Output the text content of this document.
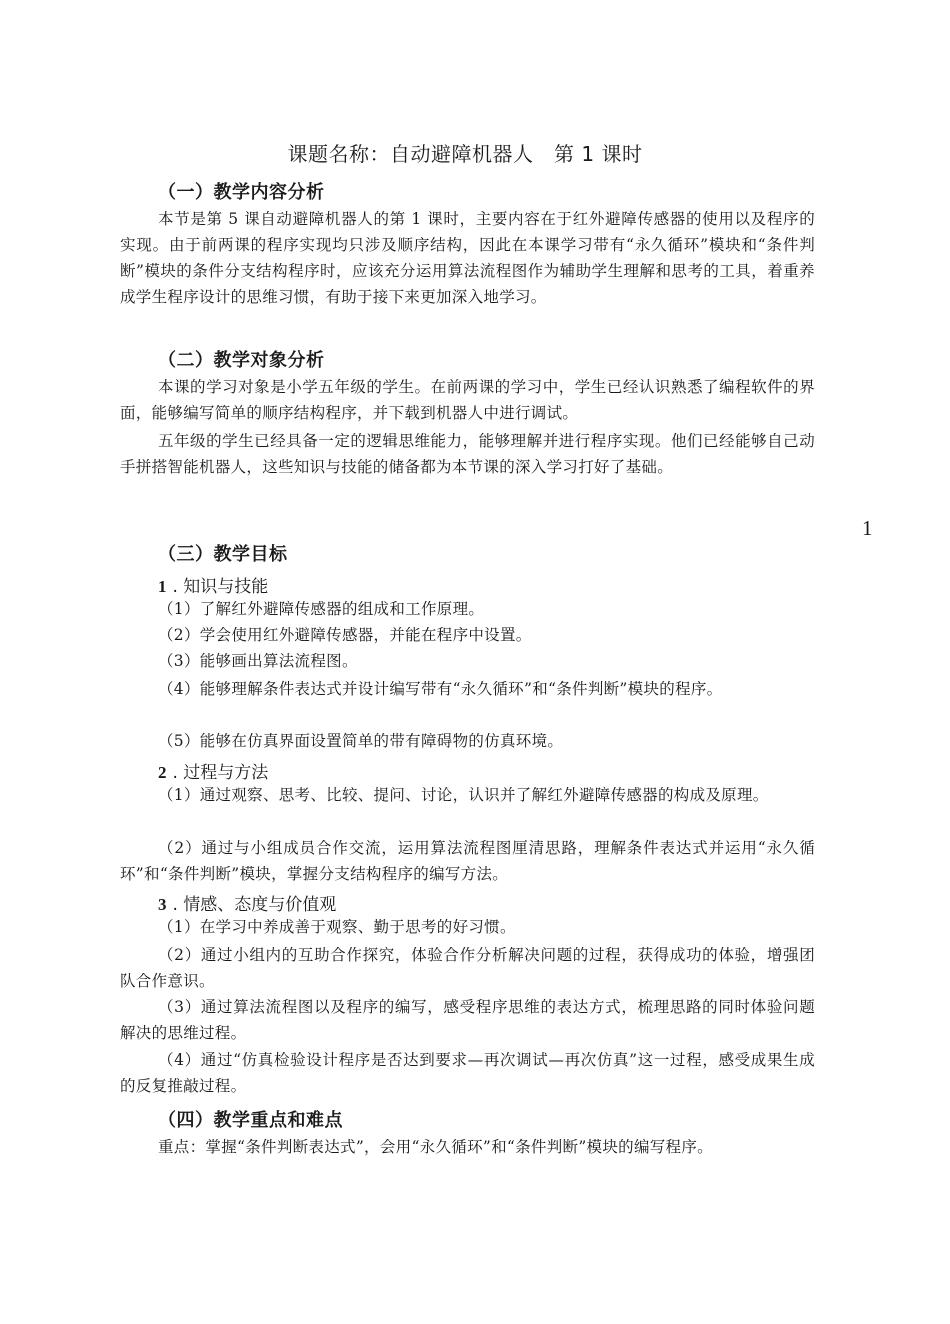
课题名称：自动避障机器人　第 1 课时
（一）教学内容分析
本节是第 5 课自动避障机器人的第 1 课时，主要内容在于红外避障传感器的使用以及程序的实现。由于前两课的程序实现均只涉及顺序结构，因此在本课学习带有“永久循环”模块和“条件判断”模块的条件分支结构程序时，应该充分运用算法流程图作为辅助学生理解和思考的工具，着重养成学生程序设计的思维习惯，有助于接下来更加深入地学习。
（二）教学对象分析
本课的学习对象是小学五年级的学生。在前两课的学习中，学生已经认识熟悉了编程软件的界面，能够编写简单的顺序结构程序，并下载到机器人中进行调试。
五年级的学生已经具备一定的逻辑思维能力，能够理解并进行程序实现。他们已经能够自己动手拼搭智能机器人，这些知识与技能的储备都为本节课的深入学习打好了基础。
1
（三）教学目标
1 . 知识与技能
（1）了解红外避障传感器的组成和工作原理。
（2）学会使用红外避障传感器，并能在程序中设置。
（3）能够画出算法流程图。
（4）能够理解条件表达式并设计编写带有“永久循环”和“条件判断”模块的程序。
（5）能够在仿真界面设置简单的带有障碍物的仿真环境。
2 . 过程与方法
（1）通过观察、思考、比较、提问、讨论，认识并了解红外避障传感器的构成及原理。
（2）通过与小组成员合作交流，运用算法流程图厘清思路，理解条件表达式并运用“永久循环”和“条件判断”模块，掌握分支结构程序的编写方法。
3 . 情感、态度与价值观
（1）在学习中养成善于观察、勤于思考的好习惯。
（2）通过小组内的互助合作探究，体验合作分析解决问题的过程，获得成功的体验，增强团队合作意识。
（3）通过算法流程图以及程序的编写，感受程序思维的表达方式，梳理思路的同时体验问题解决的思维过程。
（4）通过“仿真检验设计程序是否达到要求—再次调试—再次仿真”这一过程，感受成果生成的反复推敲过程。
（四）教学重点和难点
重点：掌握“条件判断表达式”，会用“永久循环”和“条件判断”模块的编写程序。
